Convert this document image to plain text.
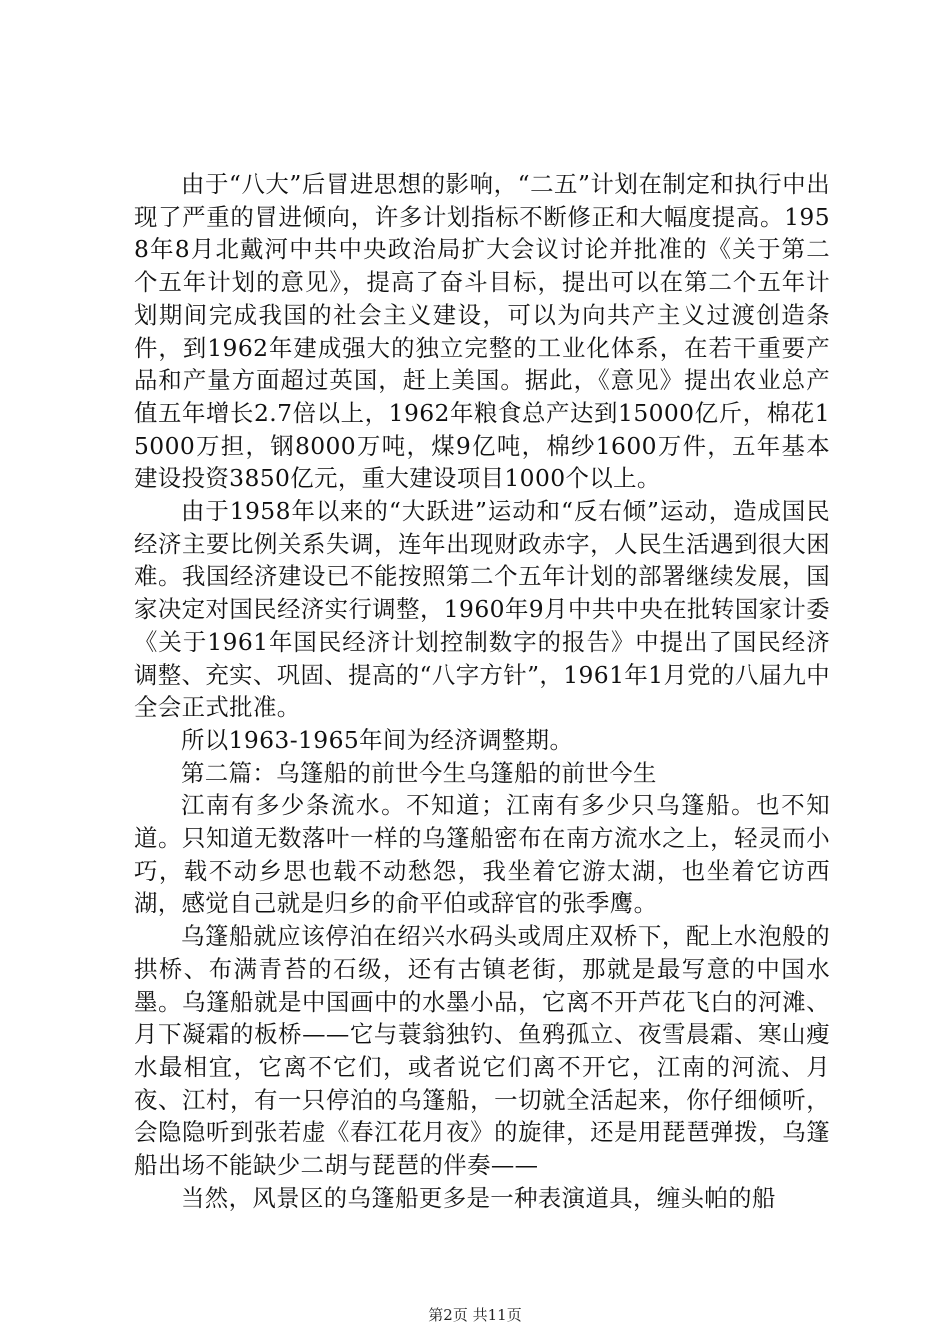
由于“八大”后冒进思想的影响，“二五”计划在制定和执行中出现了严重的冒进倾向，许多计划指标不断修正和大幅度提高。1958年8月北戴河中共中央政治局扩大会议讨论并批准的《关于第二个五年计划的意见》，提高了奋斗目标，提出可以在第二个五年计划期间完成我国的社会主义建设，可以为向共产主义过渡创造条件，到1962年建成强大的独立完整的工业化体系，在若干重要产品和产量方面超过英国，赶上美国。据此，《意见》提出农业总产值五年增长2.7倍以上，1962年粮食总产达到15000亿斤，棉花15000万担，钢8000万吨，煤9亿吨，棉纱1600万件，五年基本建设投资3850亿元，重大建设项目1000个以上。

由于1958年以来的“大跃进”运动和“反右倾”运动，造成国民经济主要比例关系失调，连年出现财政赤字，人民生活遇到很大困难。我国经济建设已不能按照第二个五年计划的部署继续发展，国家决定对国民经济实行调整，1960年9月中共中央在批转国家计委《关于1961年国民经济计划控制数字的报告》中提出了国民经济调整、充实、巩固、提高的“八字方针”，1961年1月党的八届九中全会正式批准。

所以1963-1965年间为经济调整期。

第二篇：乌篷船的前世今生乌篷船的前世今生

江南有多少条流水。不知道；江南有多少只乌篷船。也不知道。只知道无数落叶一样的乌篷船密布在南方流水之上，轻灵而小巧，载不动乡思也载不动愁怨，我坐着它游太湖，也坐着它访西湖，感觉自己就是归乡的俞平伯或辞官的张季鹰。

乌篷船就应该停泊在绍兴水码头或周庄双桥下，配上水泡般的拱桥、布满青苔的石级，还有古镇老街，那就是最写意的中国水墨。乌篷船就是中国画中的水墨小品，它离不开芦花飞白的河滩、月下凝霜的板桥——它与蓑翁独钓、鱼鸦孤立、夜雪晨霜、寒山瘦水最相宜，它离不它们，或者说它们离不开它，江南的河流、月夜、江村，有一只停泊的乌篷船，一切就全活起来，你仔细倾听，会隐隐听到张若虚《春江花月夜》的旋律，还是用琵琶弹拨，乌篷船出场不能缺少二胡与琵琶的伴奏——

当然，风景区的乌篷船更多是一种表演道具，缠头帕的船

第2页 共11页
